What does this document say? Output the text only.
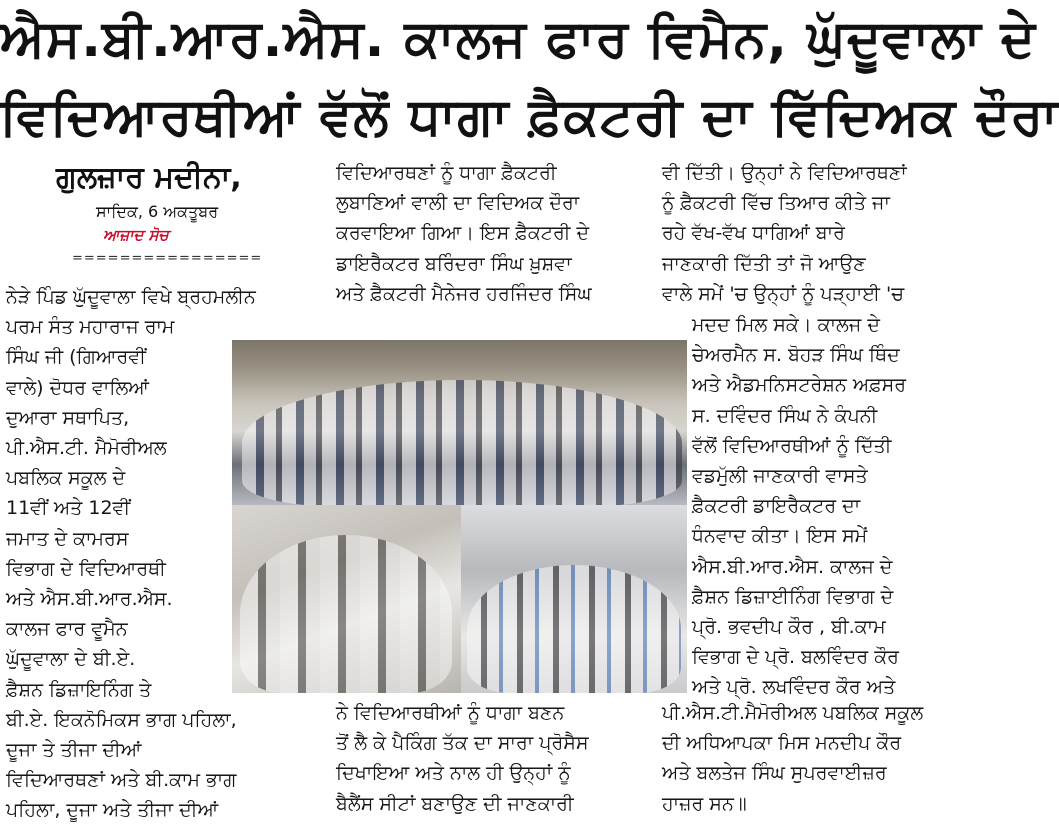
ਐਸ.ਬੀ.ਆਰ.ਐਸ. ਕਾਲਜ ਫਾਰ ਵਿਮੈਨ, ਘੁੱਦੂਵਾਲਾ ਦੇ
ਵਿਦਿਆਰਥੀਆਂ ਵੱਲੋਂ ਧਾਗਾ ਫ਼ੈਕਟਰੀ ਦਾ ਵਿੱਦਿਅਕ ਦੌਰਾ
ਗੁਲਜ਼ਾਰ ਮਦੀਨਾ,
ਸਾਦਿਕ, 6 ਅਕਤੂਬਰ
ਆਜ਼ਾਦ ਸੋਚ
================

ਨੇੜੇ ਪਿੰਡ ਘੁੱਦੂਵਾਲਾ ਵਿਖੇ ਬ੍ਰਹਮਲੀਨ

ਪਰਮ ਸੰਤ ਮਹਾਰਾਜ ਰਾਮ

ਸਿੰਘ ਜੀ (ਗਿਆਰਵੀਂ

ਵਾਲੇ) ਦੋਧਰ ਵਾਲਿਆਂ

ਦੁਆਰਾ ਸਥਾਪਿਤ,

ਪੀ.ਐਸ.ਟੀ. ਮੈਮੋਰੀਅਲ

ਪਬਲਿਕ ਸਕੂਲ ਦੇ

11ਵੀਂ ਅਤੇ 12ਵੀਂ

ਜਮਾਤ ਦੇ ਕਾਮਰਸ

ਵਿਭਾਗ ਦੇ ਵਿਦਿਆਰਥੀ

ਅਤੇ ਐਸ.ਬੀ.ਆਰ.ਐਸ.

ਕਾਲਜ ਫਾਰ ਵੂਮੈਨ

ਘੁੱਦੂਵਾਲਾ ਦੇ ਬੀ.ਏ.

ਫ਼ੈਸ਼ਨ ਡਿਜ਼ਾਇਨਿੰਗ ਤੇ

ਬੀ.ਏ. ਇਕਨੋਮਿਕਸ ਭਾਗ ਪਹਿਲਾ,

ਦੂਜਾ ਤੇ ਤੀਜਾ ਦੀਆਂ

ਵਿਦਿਆਰਥਣਾਂ ਅਤੇ ਬੀ.ਕਾਮ ਭਾਗ

ਪਹਿਲਾ, ਦੂਜਾ ਅਤੇ ਤੀਜਾ ਦੀਆਂ

ਵਿਦਿਆਰਥਣਾਂ ਨੂੰ ਧਾਗਾ ਫ਼ੈਕਟਰੀ

ਲੁਬਾਣਿਆਂ ਵਾਲੀ ਦਾ ਵਿਦਿਅਕ ਦੌਰਾ

ਕਰਵਾਇਆ ਗਿਆ। ਇਸ ਫ਼ੈਕਟਰੀ ਦੇ

ਡਾਇਰੈਕਟਰ ਬਰਿੰਦਰਾ ਸਿੰਘ ਖ਼ੁਸ਼ਵਾ

ਅਤੇ ਫ਼ੈਕਟਰੀ ਮੈਨੇਜਰ ਹਰਜਿੰਦਰ ਸਿੰਘ

ਵੀ ਦਿੱਤੀ। ਉਨ੍ਹਾਂ ਨੇ ਵਿਦਿਆਰਥਣਾਂ

ਨੂੰ ਫ਼ੈਕਟਰੀ ਵਿੱਚ ਤਿਆਰ ਕੀਤੇ ਜਾ

ਰਹੇ ਵੱਖ-ਵੱਖ ਧਾਗਿਆਂ ਬਾਰੇ

ਜਾਣਕਾਰੀ ਦਿੱਤੀ ਤਾਂ ਜੋ ਆਉਣ

ਵਾਲੇ ਸਮੇਂ 'ਚ ਉਨ੍ਹਾਂ ਨੂੰ ਪੜ੍ਹਾਈ 'ਚ

ਮਦਦ ਮਿਲ ਸਕੇ। ਕਾਲਜ ਦੇ

ਚੇਅਰਮੈਨ ਸ. ਬੋਹੜ ਸਿੰਘ ਥਿੰਦ

ਅਤੇ ਐਡਮਨਿਸਟਰੇਸ਼ਨ ਅਫ਼ਸਰ

ਸ. ਦਵਿੰਦਰ ਸਿੰਘ ਨੇ ਕੰਪਨੀ

ਵੱਲੋਂ ਵਿਦਿਆਰਥੀਆਂ ਨੂੰ ਦਿੱਤੀ

ਵਡਮੁੱਲੀ ਜਾਣਕਾਰੀ ਵਾਸਤੇ

ਫ਼ੈਕਟਰੀ ਡਾਇਰੈਕਟਰ ਦਾ

ਧੰਨਵਾਦ ਕੀਤਾ। ਇਸ ਸਮੇਂ

ਐਸ.ਬੀ.ਆਰ.ਐਸ. ਕਾਲਜ ਦੇ

ਫ਼ੈਸ਼ਨ ਡਿਜ਼ਾਈਨਿੰਗ ਵਿਭਾਗ ਦੇ

ਪ੍ਰੋ. ਭਵਦੀਪ ਕੌਰ , ਬੀ.ਕਾਮ

ਵਿਭਾਗ ਦੇ ਪ੍ਰੋ. ਬਲਵਿੰਦਰ ਕੌਰ

ਅਤੇ ਪ੍ਰੋ. ਲਖਵਿੰਦਰ ਕੌਰ ਅਤੇ

ਨੇ ਵਿਦਿਆਰਥੀਆਂ ਨੂੰ ਧਾਗਾ ਬਣਨ

ਤੋਂ ਲੈ ਕੇ ਪੈਕਿੰਗ ਤੱਕ ਦਾ ਸਾਰਾ ਪ੍ਰੋਸੈਸ

ਦਿਖਾਇਆ ਅਤੇ ਨਾਲ ਹੀ ਉਨ੍ਹਾਂ ਨੂੰ

ਬੈਲੈਂਸ ਸੀਟਾਂ ਬਣਾਉਣ ਦੀ ਜਾਣਕਾਰੀ

ਪੀ.ਐਸ.ਟੀ.ਮੈਮੋਰੀਅਲ ਪਬਲਿਕ ਸਕੂਲ

ਦੀ ਅਧਿਆਪਕਾ ਮਿਸ ਮਨਦੀਪ ਕੌਰ

ਅਤੇ ਬਲਤੇਜ ਸਿੰਘ ਸੁਪਰਵਾਈਜ਼ਰ

ਹਾਜ਼ਰ ਸਨ॥
